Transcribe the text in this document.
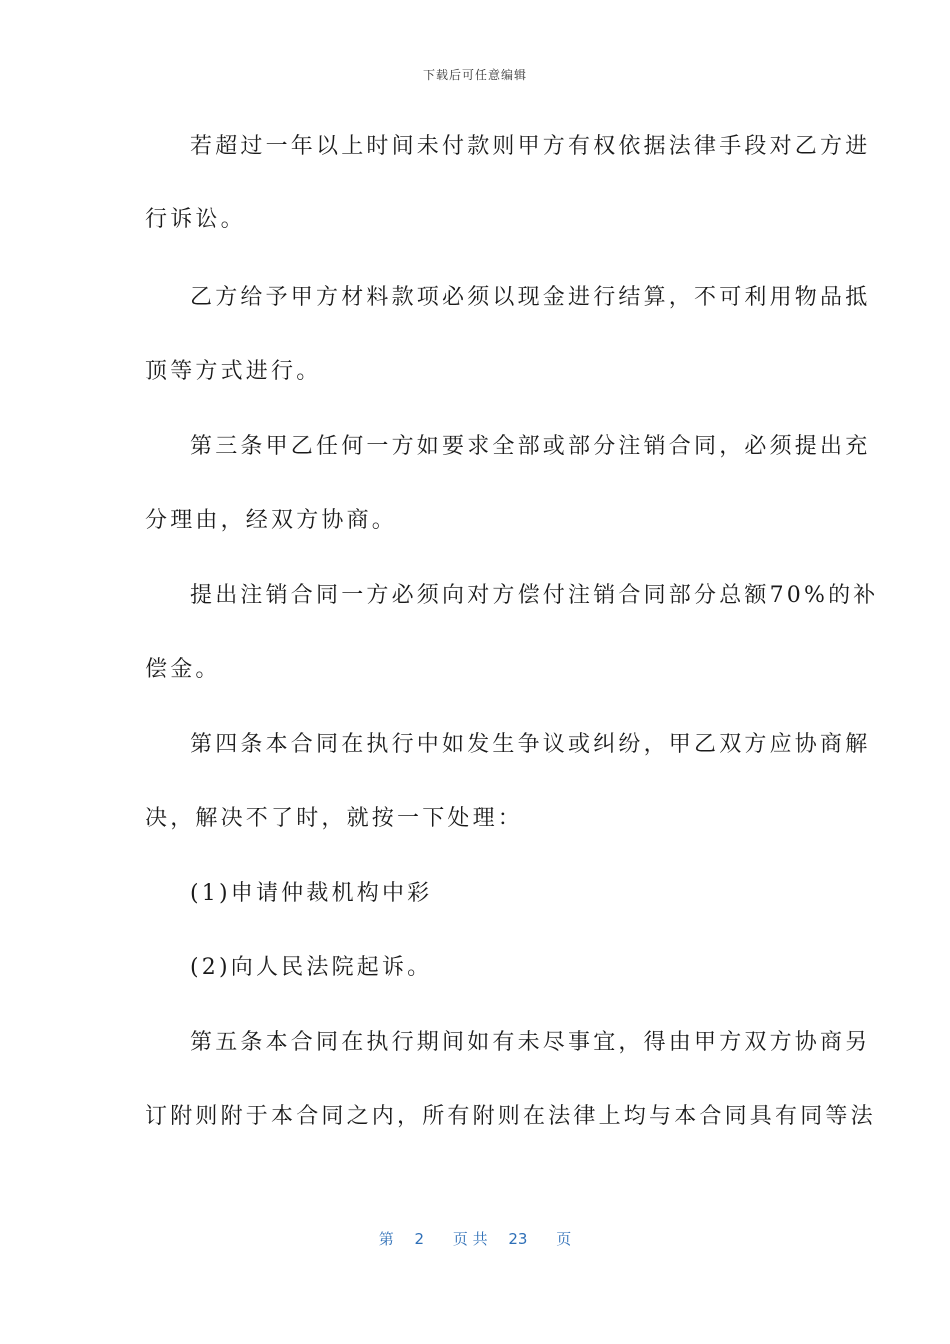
下载后可任意编辑
若超过一年以上时间未付款则甲方有权依据法律手段对乙方进
行诉讼。
乙方给予甲方材料款项必须以现金进行结算，不可利用物品抵
顶等方式进行。
第三条甲乙任何一方如要求全部或部分注销合同，必须提出充
分理由，经双方协商。
提出注销合同一方必须向对方偿付注销合同部分总额70%的补
偿金。
第四条本合同在执行中如发生争议或纠纷，甲乙双方应协商解
决，解决不了时，就按一下处理：
(1)申请仲裁机构中彩
(2)向人民法院起诉。
第五条本合同在执行期间如有未尽事宜，得由甲方双方协商另
订附则附于本合同之内，所有附则在法律上均与本合同具有同等法
第 2 页 共 23 页
